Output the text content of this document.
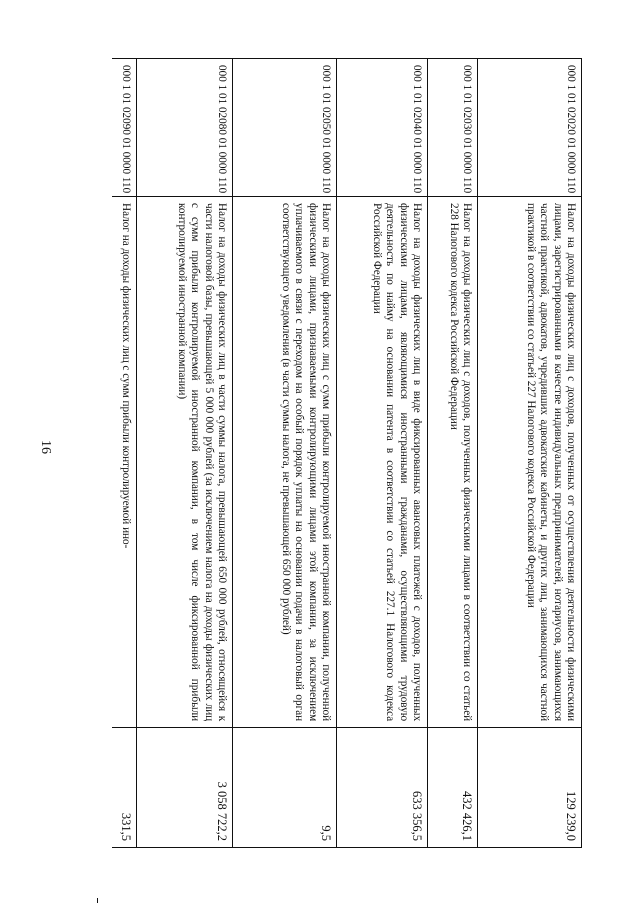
16
000 1 01 02020 01 0000 110
Налог на доходы физических лиц с доходов, полученных от осуществления деятельности физическими лицами, зарегистрированными в качестве индивидуальных предпринимателей, нотариусов, занимающихся частной практикой, адвокатов, учредивших адвокатские кабинеты, и других лиц, занимающихся частной практикой в соответствии со статьей 227 Налогового кодекса Российской Федерации
129 239,0
000 1 01 02030 01 0000 110
Налог на доходы физических лиц с доходов, полученных физическими лицами в соответствии со статьей 228 Налогового кодекса Российской Федерации
432 426,1
000 1 01 02040 01 0000 110
Налог на доходы физических лиц в виде фиксированных авансовых платежей с доходов, полученных физическими лицами, являющимися иностранными гражданами, осуществляющими трудовую деятельность по найму на основании патента в соответствии со статьей 227.1 Налогового кодекса Российской Федерации
633 356,5
000 1 01 02050 01 0000 110
Налог на доходы физических лиц с сумм прибыли контролируемой иностранной компании, полученной физическими лицами, признаваемыми контролирующими лицами этой компании, за исключением уплачиваемого в связи с переходом на особый порядок уплаты на основании подачи в налоговый орган соответствующего уведомления (в части суммы налога, не превышающей 650 000 рублей)
9,5
000 1 01 02080 01 0000 110
Налог на доходы физических лиц в части суммы налога, превышающей 650 000 рублей, относящейся к части налоговой базы, превышающей 5 000 000 рублей (за исключением налога на доходы физических лиц с сумм прибыли контролируемой иностранной компании, в том числе фиксированной прибыли контролируемой иностранной компании)
3 058 722,2
000 1 01 02090 01 0000 110
Налог на доходы физических лиц с сумм прибыли контролируемой ино-
331,5
